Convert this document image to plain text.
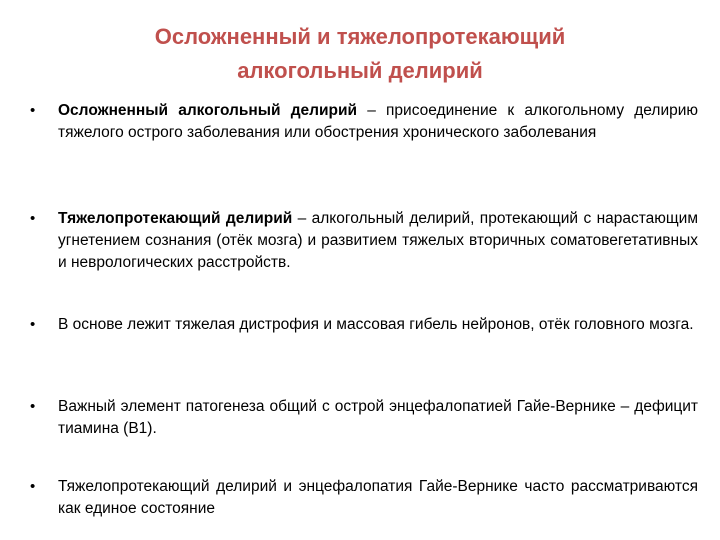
Осложненный и тяжелопротекающий
алкогольный делирий
• Осложненный алкогольный делирий – присоединение к алкогольному делирию тяжелого острого заболевания или обострения хронического заболевания
• Тяжелопротекающий делирий – алкогольный делирий, протекающий с нарастающим угнетением сознания (отёк мозга) и развитием тяжелых вторичных соматовегетативных и неврологических расстройств.
• В основе лежит тяжелая дистрофия и массовая гибель нейронов, отёк головного мозга.
• Важный элемент патогенеза общий с острой энцефалопатией Гайе-Вернике – дефицит тиамина (В1).
• Тяжелопротекающий делирий и энцефалопатия Гайе-Вернике часто рассматриваются как единое состояние
